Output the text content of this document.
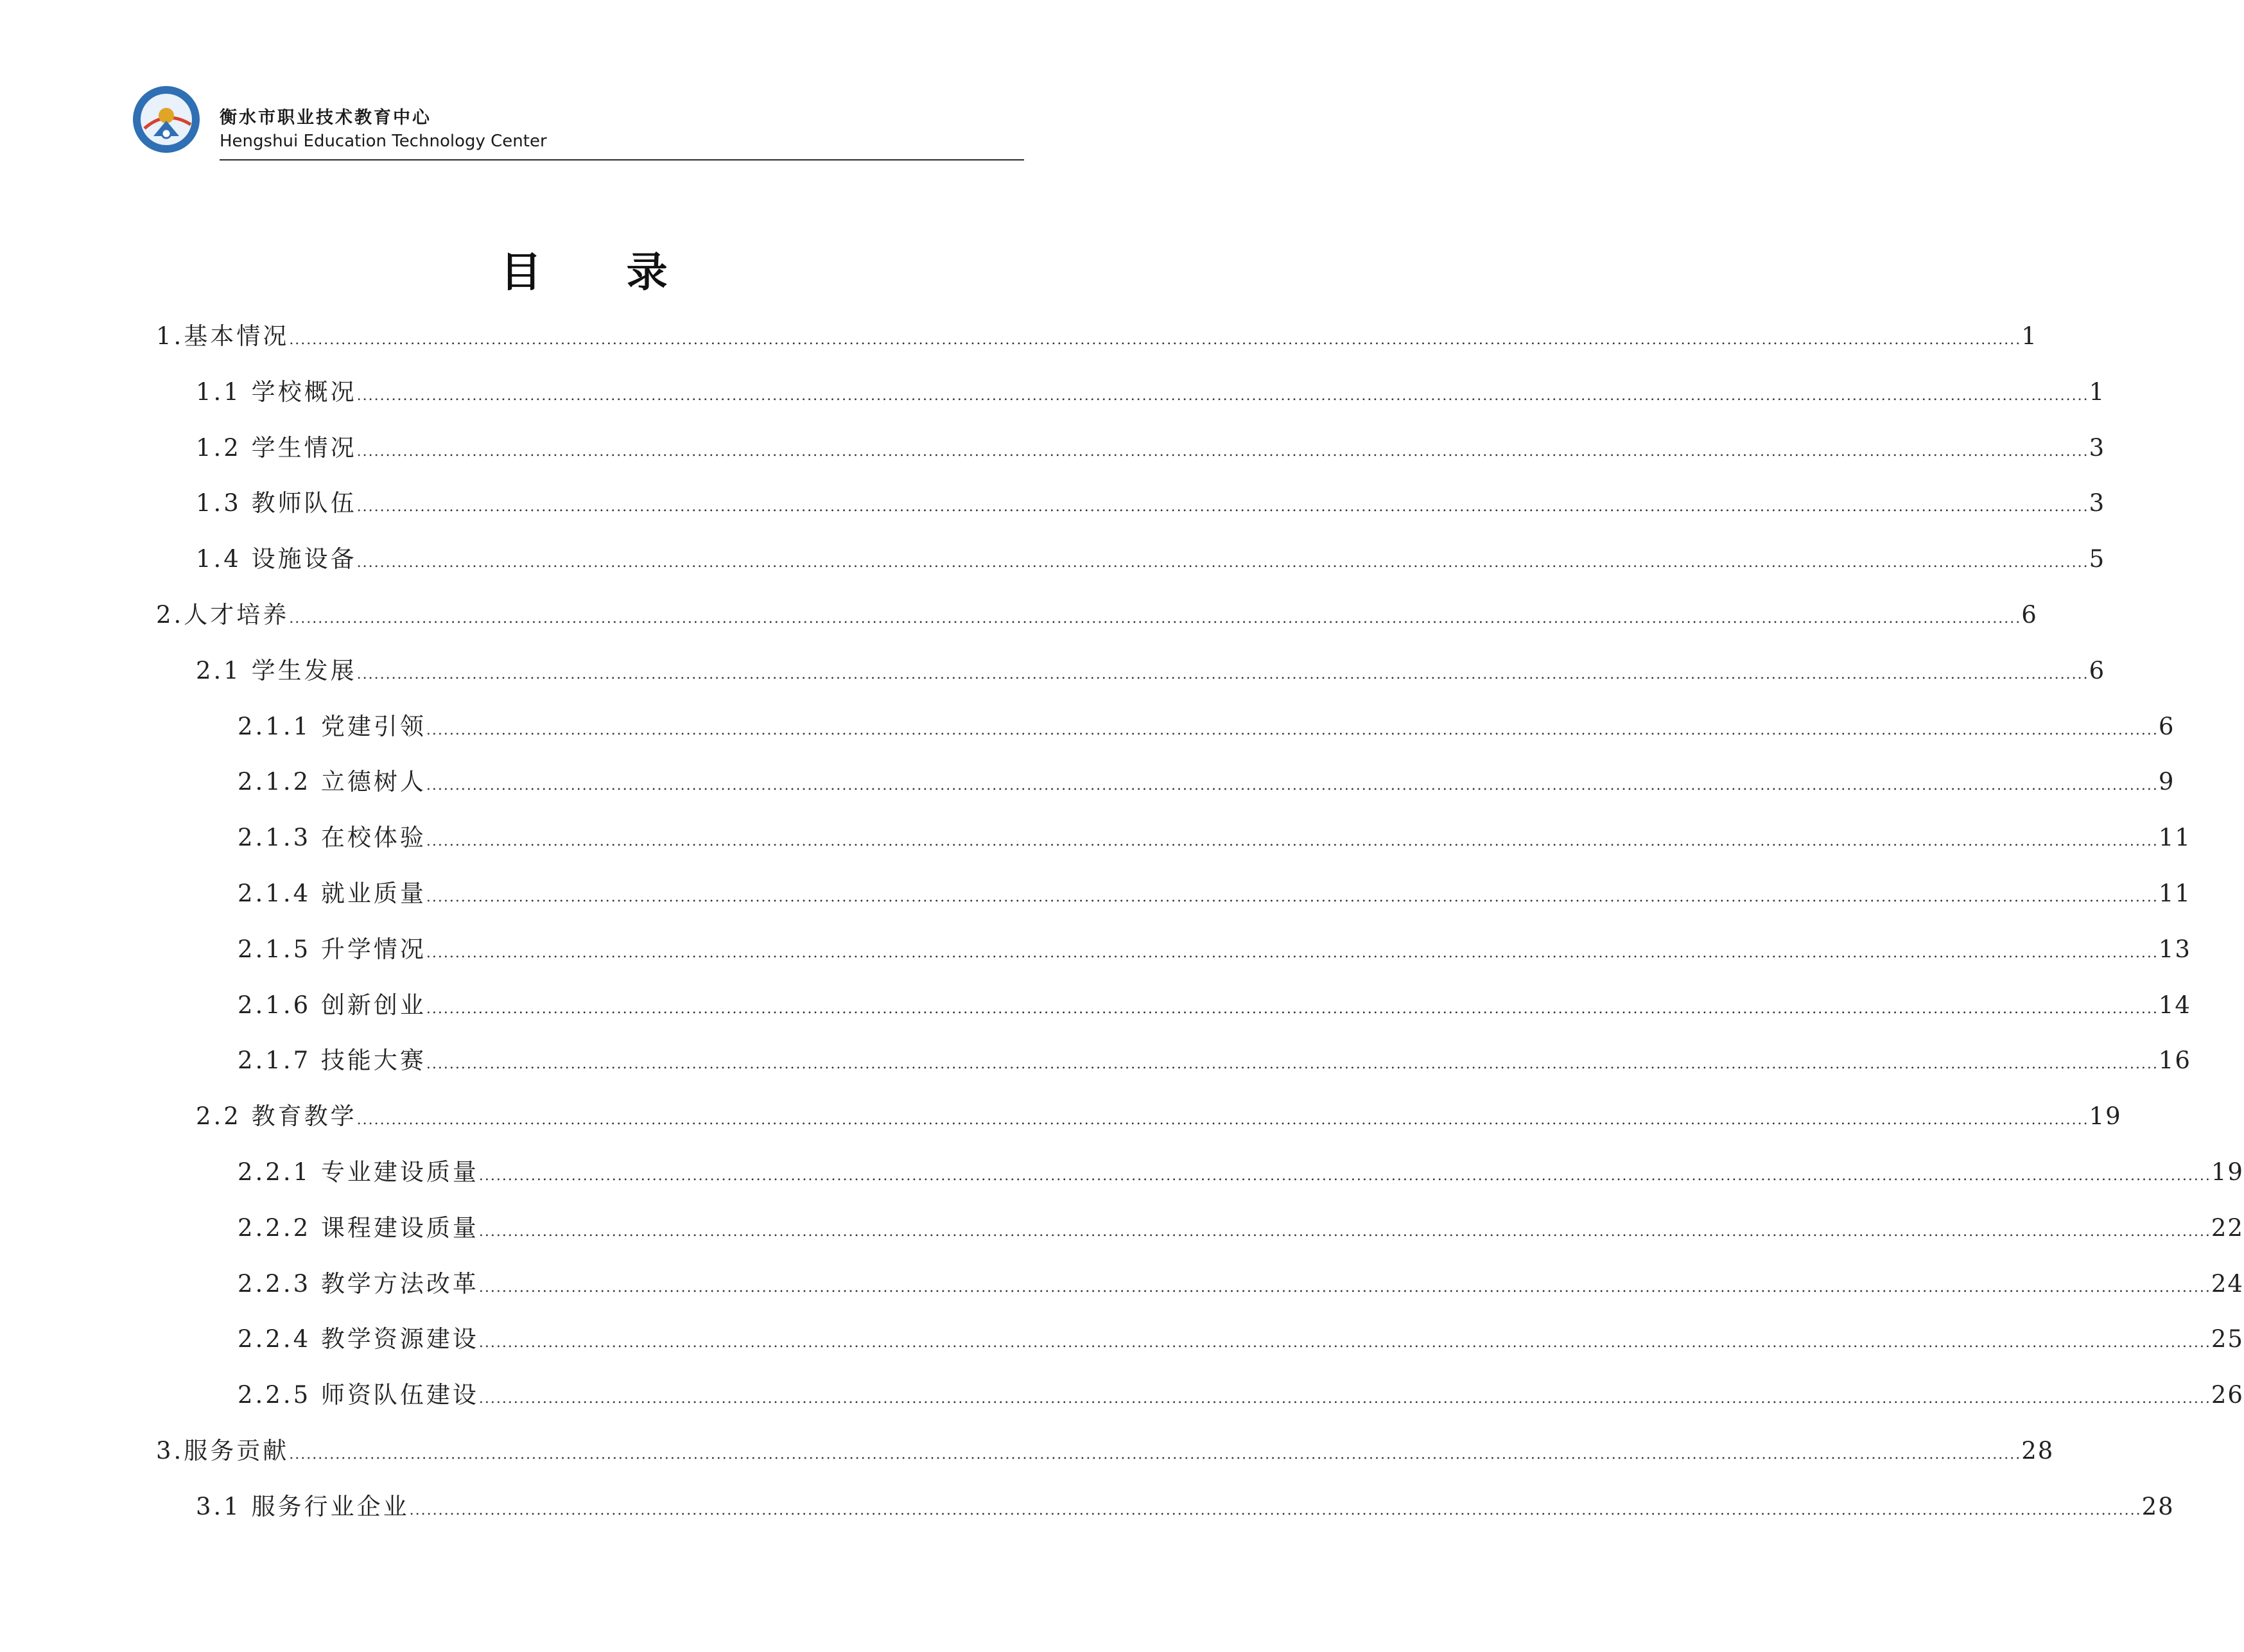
衡水市职业技术教育中心
Hengshui Education Technology Center
目 录
1.基本情况 ............................................................................................................................................................................................................................................................................................................ 1
1.1 学校概况 ............................................................................................................................................................................................................................................................................................................ 1
1.2 学生情况 ............................................................................................................................................................................................................................................................................................................ 3
1.3 教师队伍 ............................................................................................................................................................................................................................................................................................................ 3
1.4 设施设备 ............................................................................................................................................................................................................................................................................................................ 5
2.人才培养 ............................................................................................................................................................................................................................................................................................................ 6
2.1 学生发展 ............................................................................................................................................................................................................................................................................................................ 6
2.1.1 党建引领 ............................................................................................................................................................................................................................................................................................................ 6
2.1.2 立德树人 ............................................................................................................................................................................................................................................................................................................ 9
2.1.3 在校体验 ............................................................................................................................................................................................................................................................................................................ 11
2.1.4 就业质量 ............................................................................................................................................................................................................................................................................................................ 11
2.1.5 升学情况 ............................................................................................................................................................................................................................................................................................................ 13
2.1.6 创新创业 ............................................................................................................................................................................................................................................................................................................ 14
2.1.7 技能大赛 ............................................................................................................................................................................................................................................................................................................ 16
2.2 教育教学 ............................................................................................................................................................................................................................................................................................................ 19
2.2.1 专业建设质量 ............................................................................................................................................................................................................................................................................................................ 19
2.2.2 课程建设质量 ............................................................................................................................................................................................................................................................................................................ 22
2.2.3 教学方法改革 ............................................................................................................................................................................................................................................................................................................ 24
2.2.4 教学资源建设 ............................................................................................................................................................................................................................................................................................................ 25
2.2.5 师资队伍建设 ............................................................................................................................................................................................................................................................................................................ 26
3.服务贡献 ............................................................................................................................................................................................................................................................................................................ 28
3.1 服务行业企业 ............................................................................................................................................................................................................................................................................................................ 28
